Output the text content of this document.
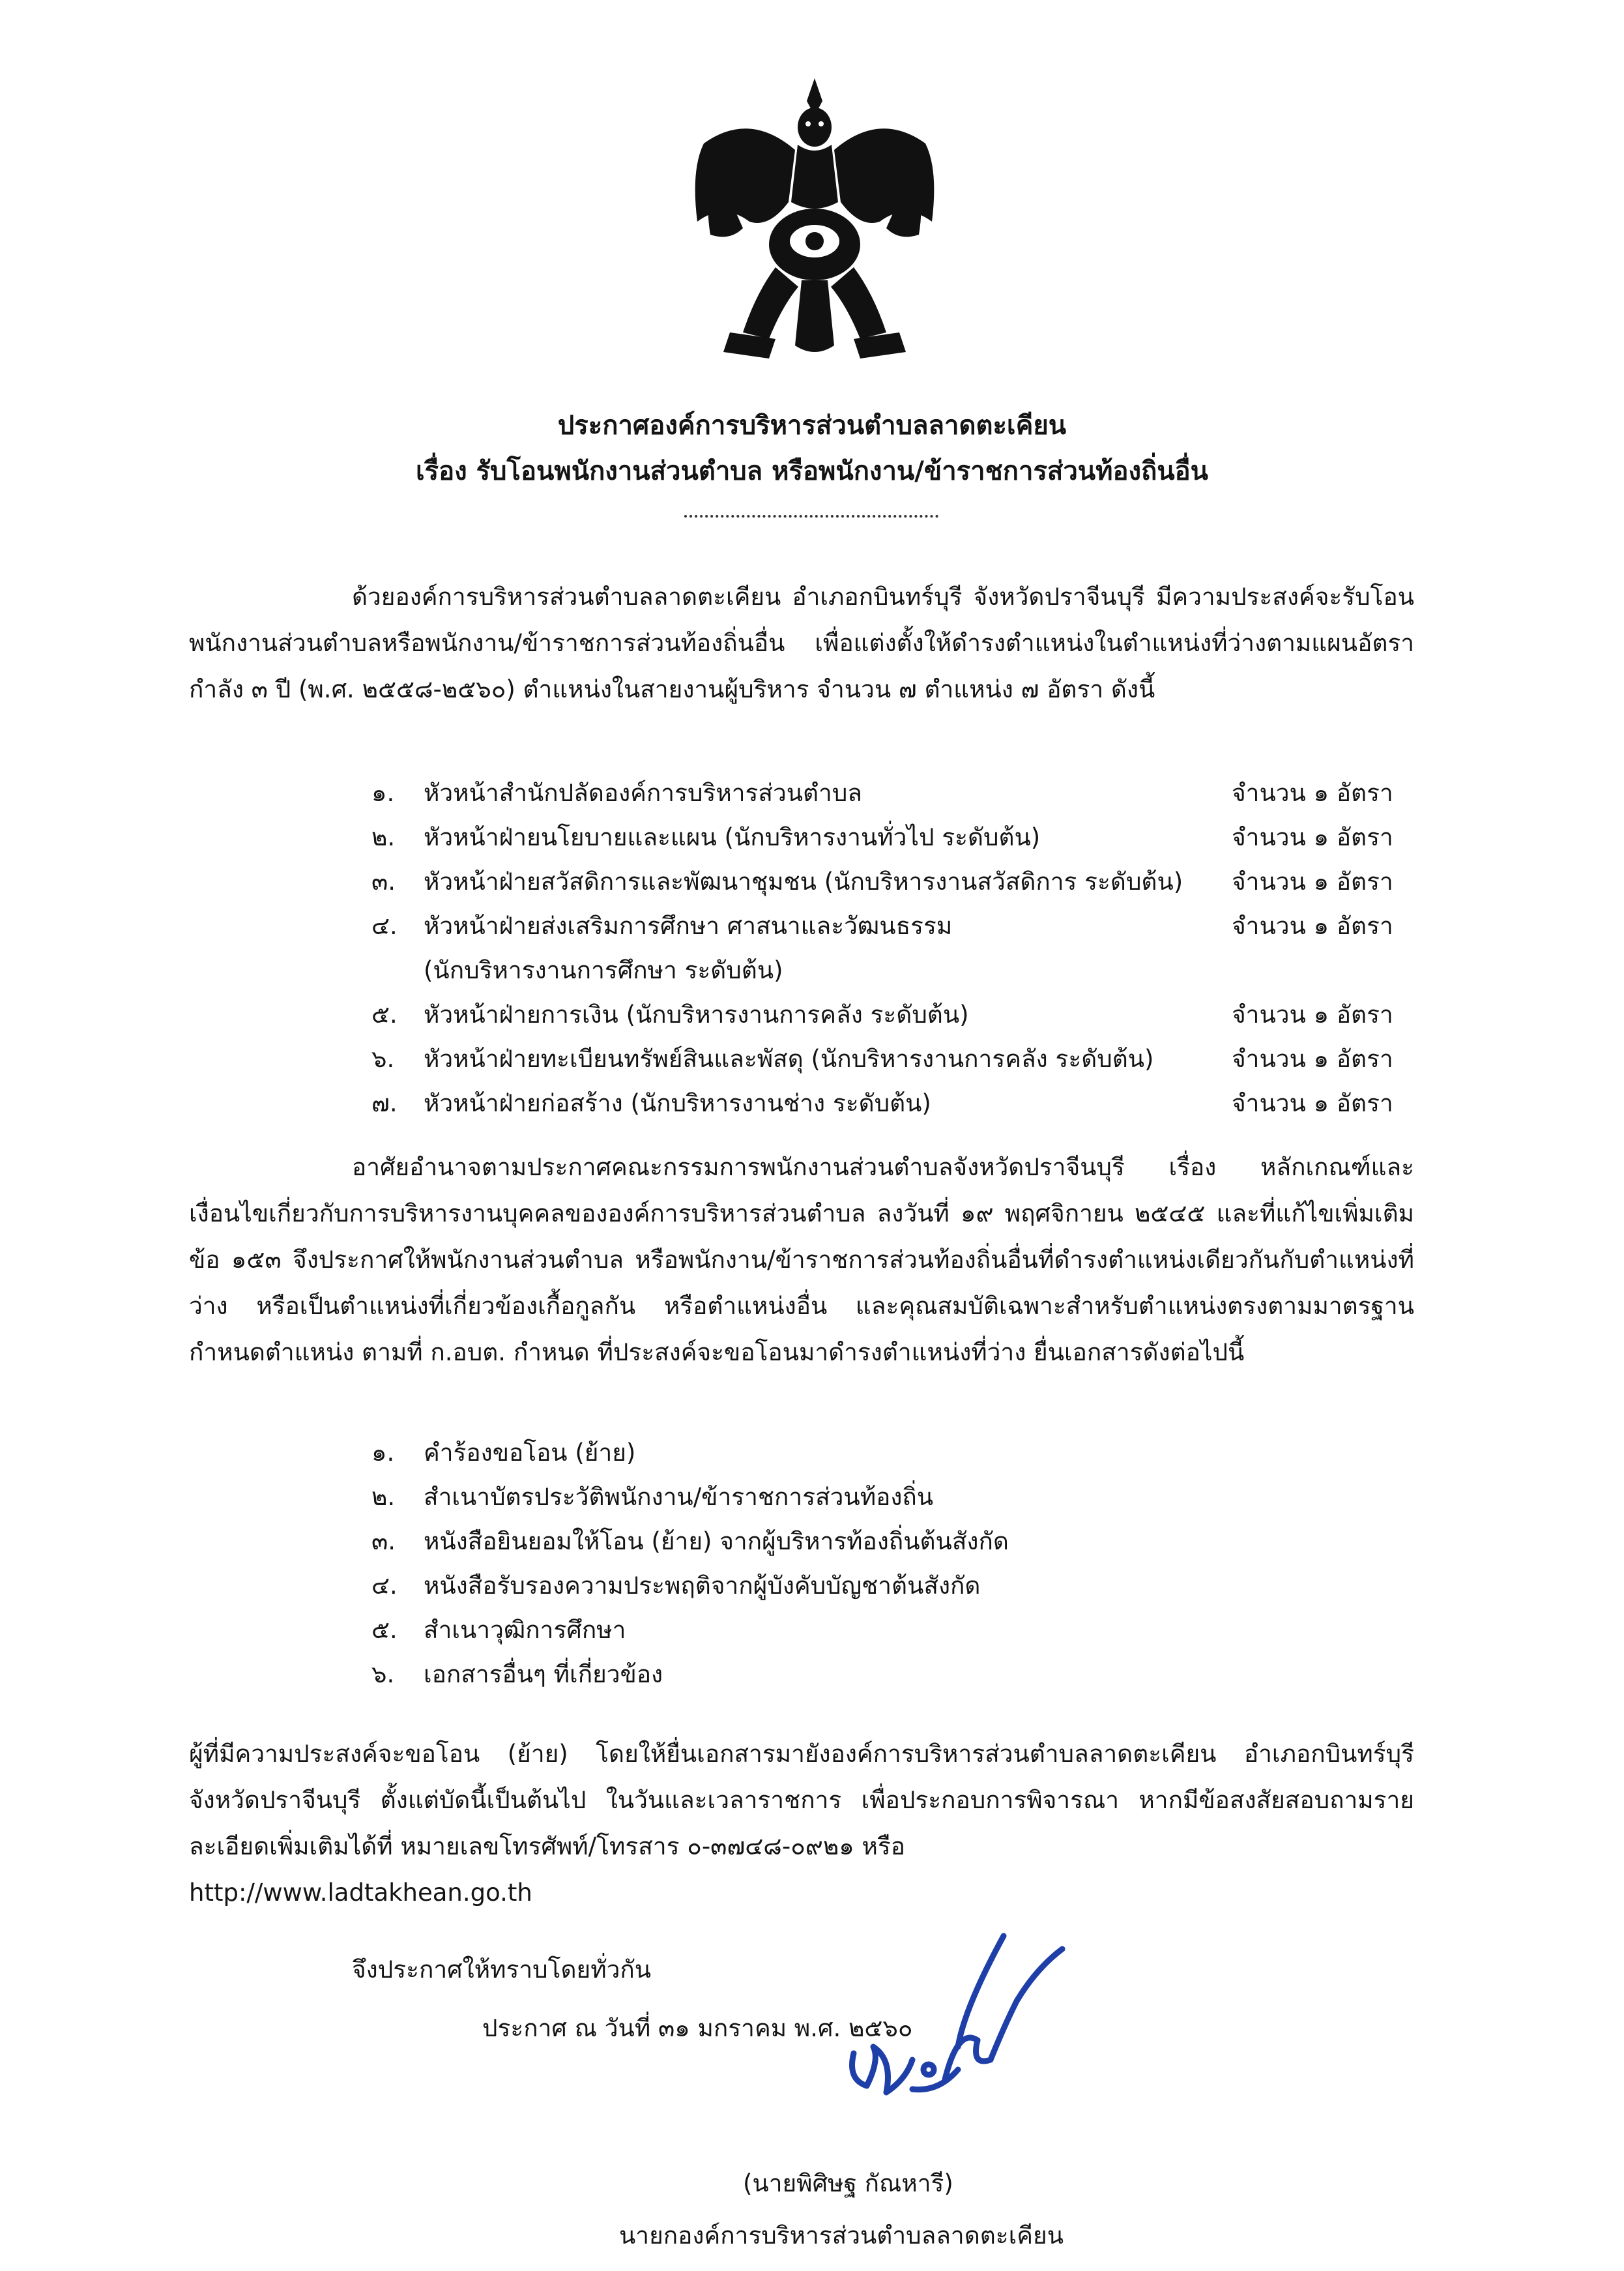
ประกาศองค์การบริหารส่วนตำบลลาดตะเคียน
เรื่อง รับโอนพนักงานส่วนตำบล หรือพนักงาน/ข้าราชการส่วนท้องถิ่นอื่น
ด้วยองค์การบริหารส่วนตำบลลาดตะเคียน อำเภอกบินทร์บุรี จังหวัดปราจีนบุรี มีความประสงค์จะรับโอนพนักงานส่วนตำบลหรือพนักงาน/ข้าราชการส่วนท้องถิ่นอื่น เพื่อแต่งตั้งให้ดำรงตำแหน่งในตำแหน่งที่ว่างตามแผนอัตรากำลัง ๓ ปี (พ.ศ. ๒๕๕๘-๒๕๖๐) ตำแหน่งในสายงานผู้บริหาร จำนวน ๗ ตำแหน่ง ๗ อัตรา ดังนี้
๑.	หัวหน้าสำนักปลัดองค์การบริหารส่วนตำบล	จำนวน ๑ อัตรา
๒.	หัวหน้าฝ่ายนโยบายและแผน (นักบริหารงานทั่วไป ระดับต้น)	จำนวน ๑ อัตรา
๓.	หัวหน้าฝ่ายสวัสดิการและพัฒนาชุมชน (นักบริหารงานสวัสดิการ ระดับต้น)	จำนวน ๑ อัตรา
๔.	หัวหน้าฝ่ายส่งเสริมการศึกษา ศาสนาและวัฒนธรรม	จำนวน ๑ อัตรา
(นักบริหารงานการศึกษา ระดับต้น)
๕.	หัวหน้าฝ่ายการเงิน (นักบริหารงานการคลัง ระดับต้น)	จำนวน ๑ อัตรา
๖.	หัวหน้าฝ่ายทะเบียนทรัพย์สินและพัสดุ (นักบริหารงานการคลัง ระดับต้น)	จำนวน ๑ อัตรา
๗.	หัวหน้าฝ่ายก่อสร้าง (นักบริหารงานช่าง ระดับต้น)	จำนวน ๑ อัตรา
อาศัยอำนาจตามประกาศคณะกรรมการพนักงานส่วนตำบลจังหวัดปราจีนบุรี เรื่อง หลักเกณฑ์และเงื่อนไขเกี่ยวกับการบริหารงานบุคคลขององค์การบริหารส่วนตำบล ลงวันที่ ๑๙ พฤศจิกายน ๒๕๔๕ และที่แก้ไขเพิ่มเติม ข้อ ๑๕๓ จึงประกาศให้พนักงานส่วนตำบล หรือพนักงาน/ข้าราชการส่วนท้องถิ่นอื่นที่ดำรงตำแหน่งเดียวกันกับตำแหน่งที่ว่าง หรือเป็นตำแหน่งที่เกี่ยวข้องเกื้อกูลกัน หรือตำแหน่งอื่น และคุณสมบัติเฉพาะสำหรับตำแหน่งตรงตามมาตรฐานกำหนดตำแหน่ง ตามที่ ก.อบต. กำหนด ที่ประสงค์จะขอโอนมาดำรงตำแหน่งที่ว่าง ยื่นเอกสารดังต่อไปนี้
๑.	คำร้องขอโอน (ย้าย)
๒.	สำเนาบัตรประวัติพนักงาน/ข้าราชการส่วนท้องถิ่น
๓.	หนังสือยินยอมให้โอน (ย้าย) จากผู้บริหารท้องถิ่นต้นสังกัด
๔.	หนังสือรับรองความประพฤติจากผู้บังคับบัญชาต้นสังกัด
๕.	สำเนาวุฒิการศึกษา
๖.	เอกสารอื่นๆ ที่เกี่ยวข้อง
ผู้ที่มีความประสงค์จะขอโอน (ย้าย) โดยให้ยื่นเอกสารมายังองค์การบริหารส่วนตำบลลาดตะเคียน อำเภอกบินทร์บุรี จังหวัดปราจีนบุรี ตั้งแต่บัดนี้เป็นต้นไป ในวันและเวลาราชการ เพื่อประกอบการพิจารณา หากมีข้อสงสัยสอบถามรายละเอียดเพิ่มเติมได้ที่ หมายเลขโทรศัพท์/โทรสาร ๐-๓๗๔๘-๐๙๒๑ หรือ
http://www.ladtakhean.go.th
จึงประกาศให้ทราบโดยทั่วกัน
ประกาศ ณ วันที่ ๓๑ มกราคม พ.ศ. ๒๕๖๐
(นายพิศิษฐ กัณหารี)
นายกองค์การบริหารส่วนตำบลลาดตะเคียน
